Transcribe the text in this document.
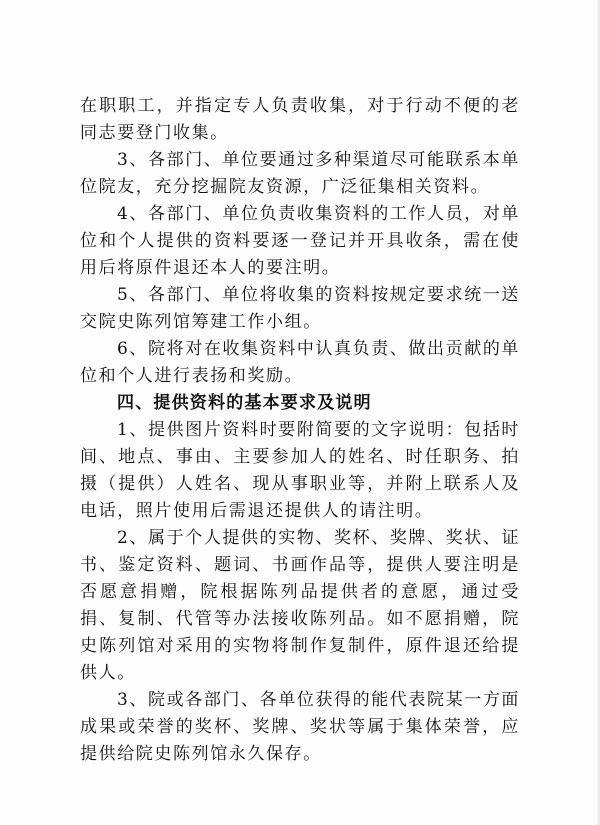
在职职工，并指定专人负责收集，对于行动不便的老同志要登门收集。

3、各部门、单位要通过多种渠道尽可能联系本单位院友，充分挖掘院友资源，广泛征集相关资料。

4、各部门、单位负责收集资料的工作人员，对单位和个人提供的资料要逐一登记并开具收条，需在使用后将原件退还本人的要注明。

5、各部门、单位将收集的资料按规定要求统一送交院史陈列馆筹建工作小组。

6、院将对在收集资料中认真负责、做出贡献的单位和个人进行表扬和奖励。

四、提供资料的基本要求及说明

1、提供图片资料时要附简要的文字说明：包括时间、地点、事由、主要参加人的姓名、时任职务、拍摄（提供）人姓名、现从事职业等，并附上联系人及电话，照片使用后需退还提供人的请注明。

2、属于个人提供的实物、奖杯、奖牌、奖状、证书、鉴定资料、题词、书画作品等，提供人要注明是否愿意捐赠，院根据陈列品提供者的意愿，通过受捐、复制、代管等办法接收陈列品。如不愿捐赠，院史陈列馆对采用的实物将制作复制件，原件退还给提供人。

3、院或各部门、各单位获得的能代表院某一方面成果或荣誉的奖杯、奖牌、奖状等属于集体荣誉，应提供给院史陈列馆永久保存。
